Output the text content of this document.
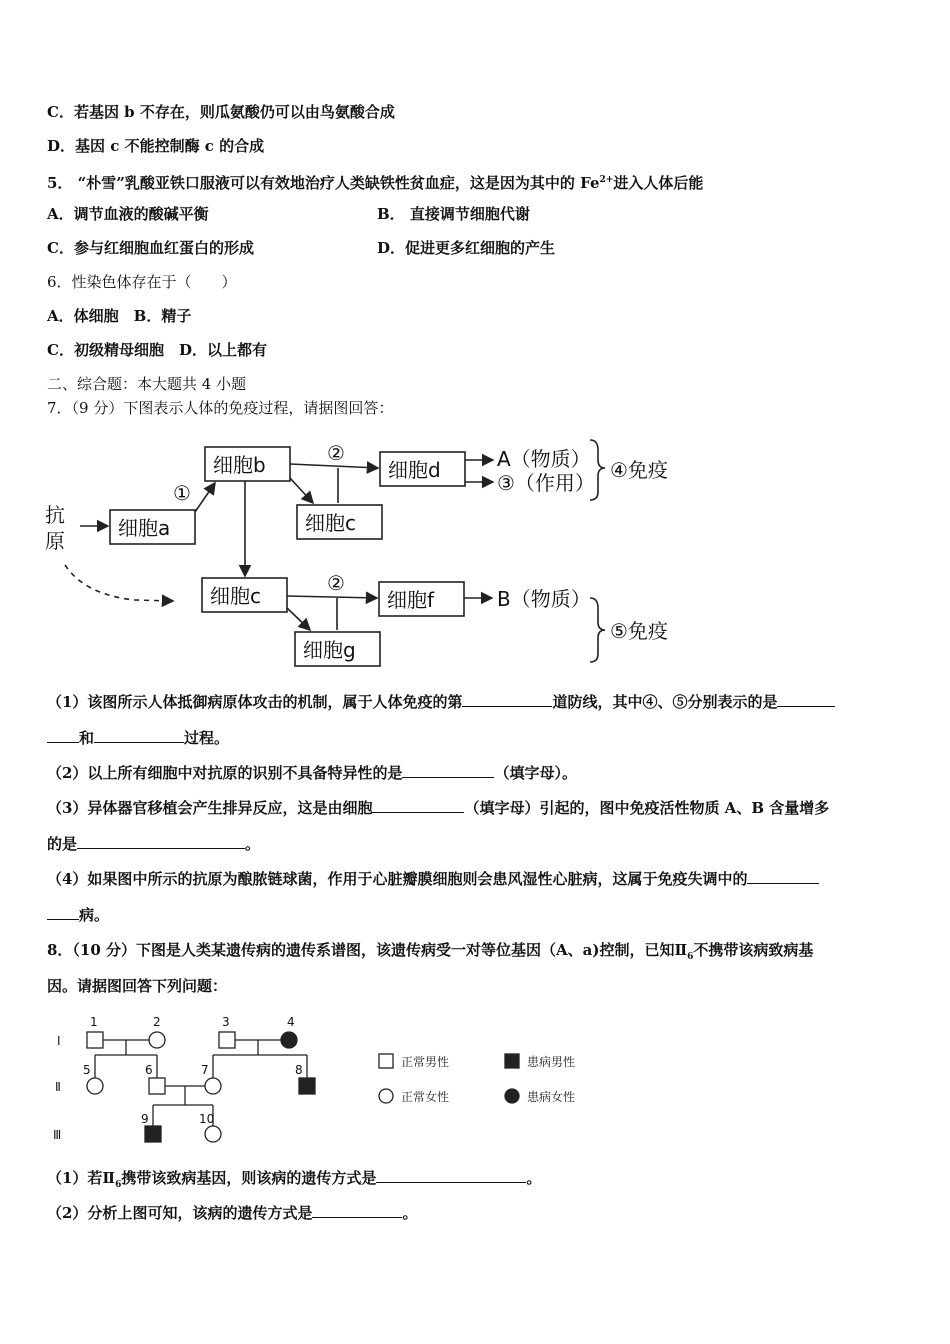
C．若基因 b 不存在，则瓜氨酸仍可以由鸟氨酸合成
D．基因 c 不能控制酶 c 的合成
5． “朴雪”乳酸亚铁口服液可以有效地治疗人类缺铁性贫血症，这是因为其中的 $Fe^{2+}$进入人体后能
A．调节血液的酸碱平衡	B． 直接调节细胞代谢
C．参与红细胞血红蛋白的形成	D．促进更多红细胞的产生
6．性染色体存在于（　　）
A．体细胞　B．精子
C．初级精母细胞　D．以上都有
二、综合题：本大题共 4 小题
7．（9 分）下图表示人体的免疫过程，请据图回答：
抗
原
细胞b	细胞d
细胞a	细胞c
细胞c	细胞f
细胞g
①
②
②
A（物质）
③（作用）
④免疫
B（物质）
⑤免疫
（1）该图所示人体抵御病原体攻击的机制，属于人体免疫的第	道防线，其中④、⑤分别表示的是
和	过程。
（2）以上所有细胞中对抗原的识别不具备特异性的是	（填字母）。
（3）异体器官移植会产生排异反应，这是由细胞	（填字母）引起的，图中免疫活性物质 A、B 含量增多
的是	。
（4）如果图中所示的抗原为酿脓链球菌，作用于心脏瓣膜细胞则会患风湿性心脏病，这属于免疫失调中的
病。
8．（10 分）下图是人类某遗传病的遗传系谱图，该遗传病受一对等位基因（A、a)控制，已知$Ⅱ_6$不携带该病致病基
因。请据图回答下列问题：
Ⅰ
Ⅱ
Ⅲ
1	2	3	4
5	6	7	8
9	10
正常男性	患病男性
正常女性	患病女性
（1）若$Ⅱ_6$携带该致病基因，则该病的遗传方式是	。
（2）分析上图可知，该病的遗传方式是	。
